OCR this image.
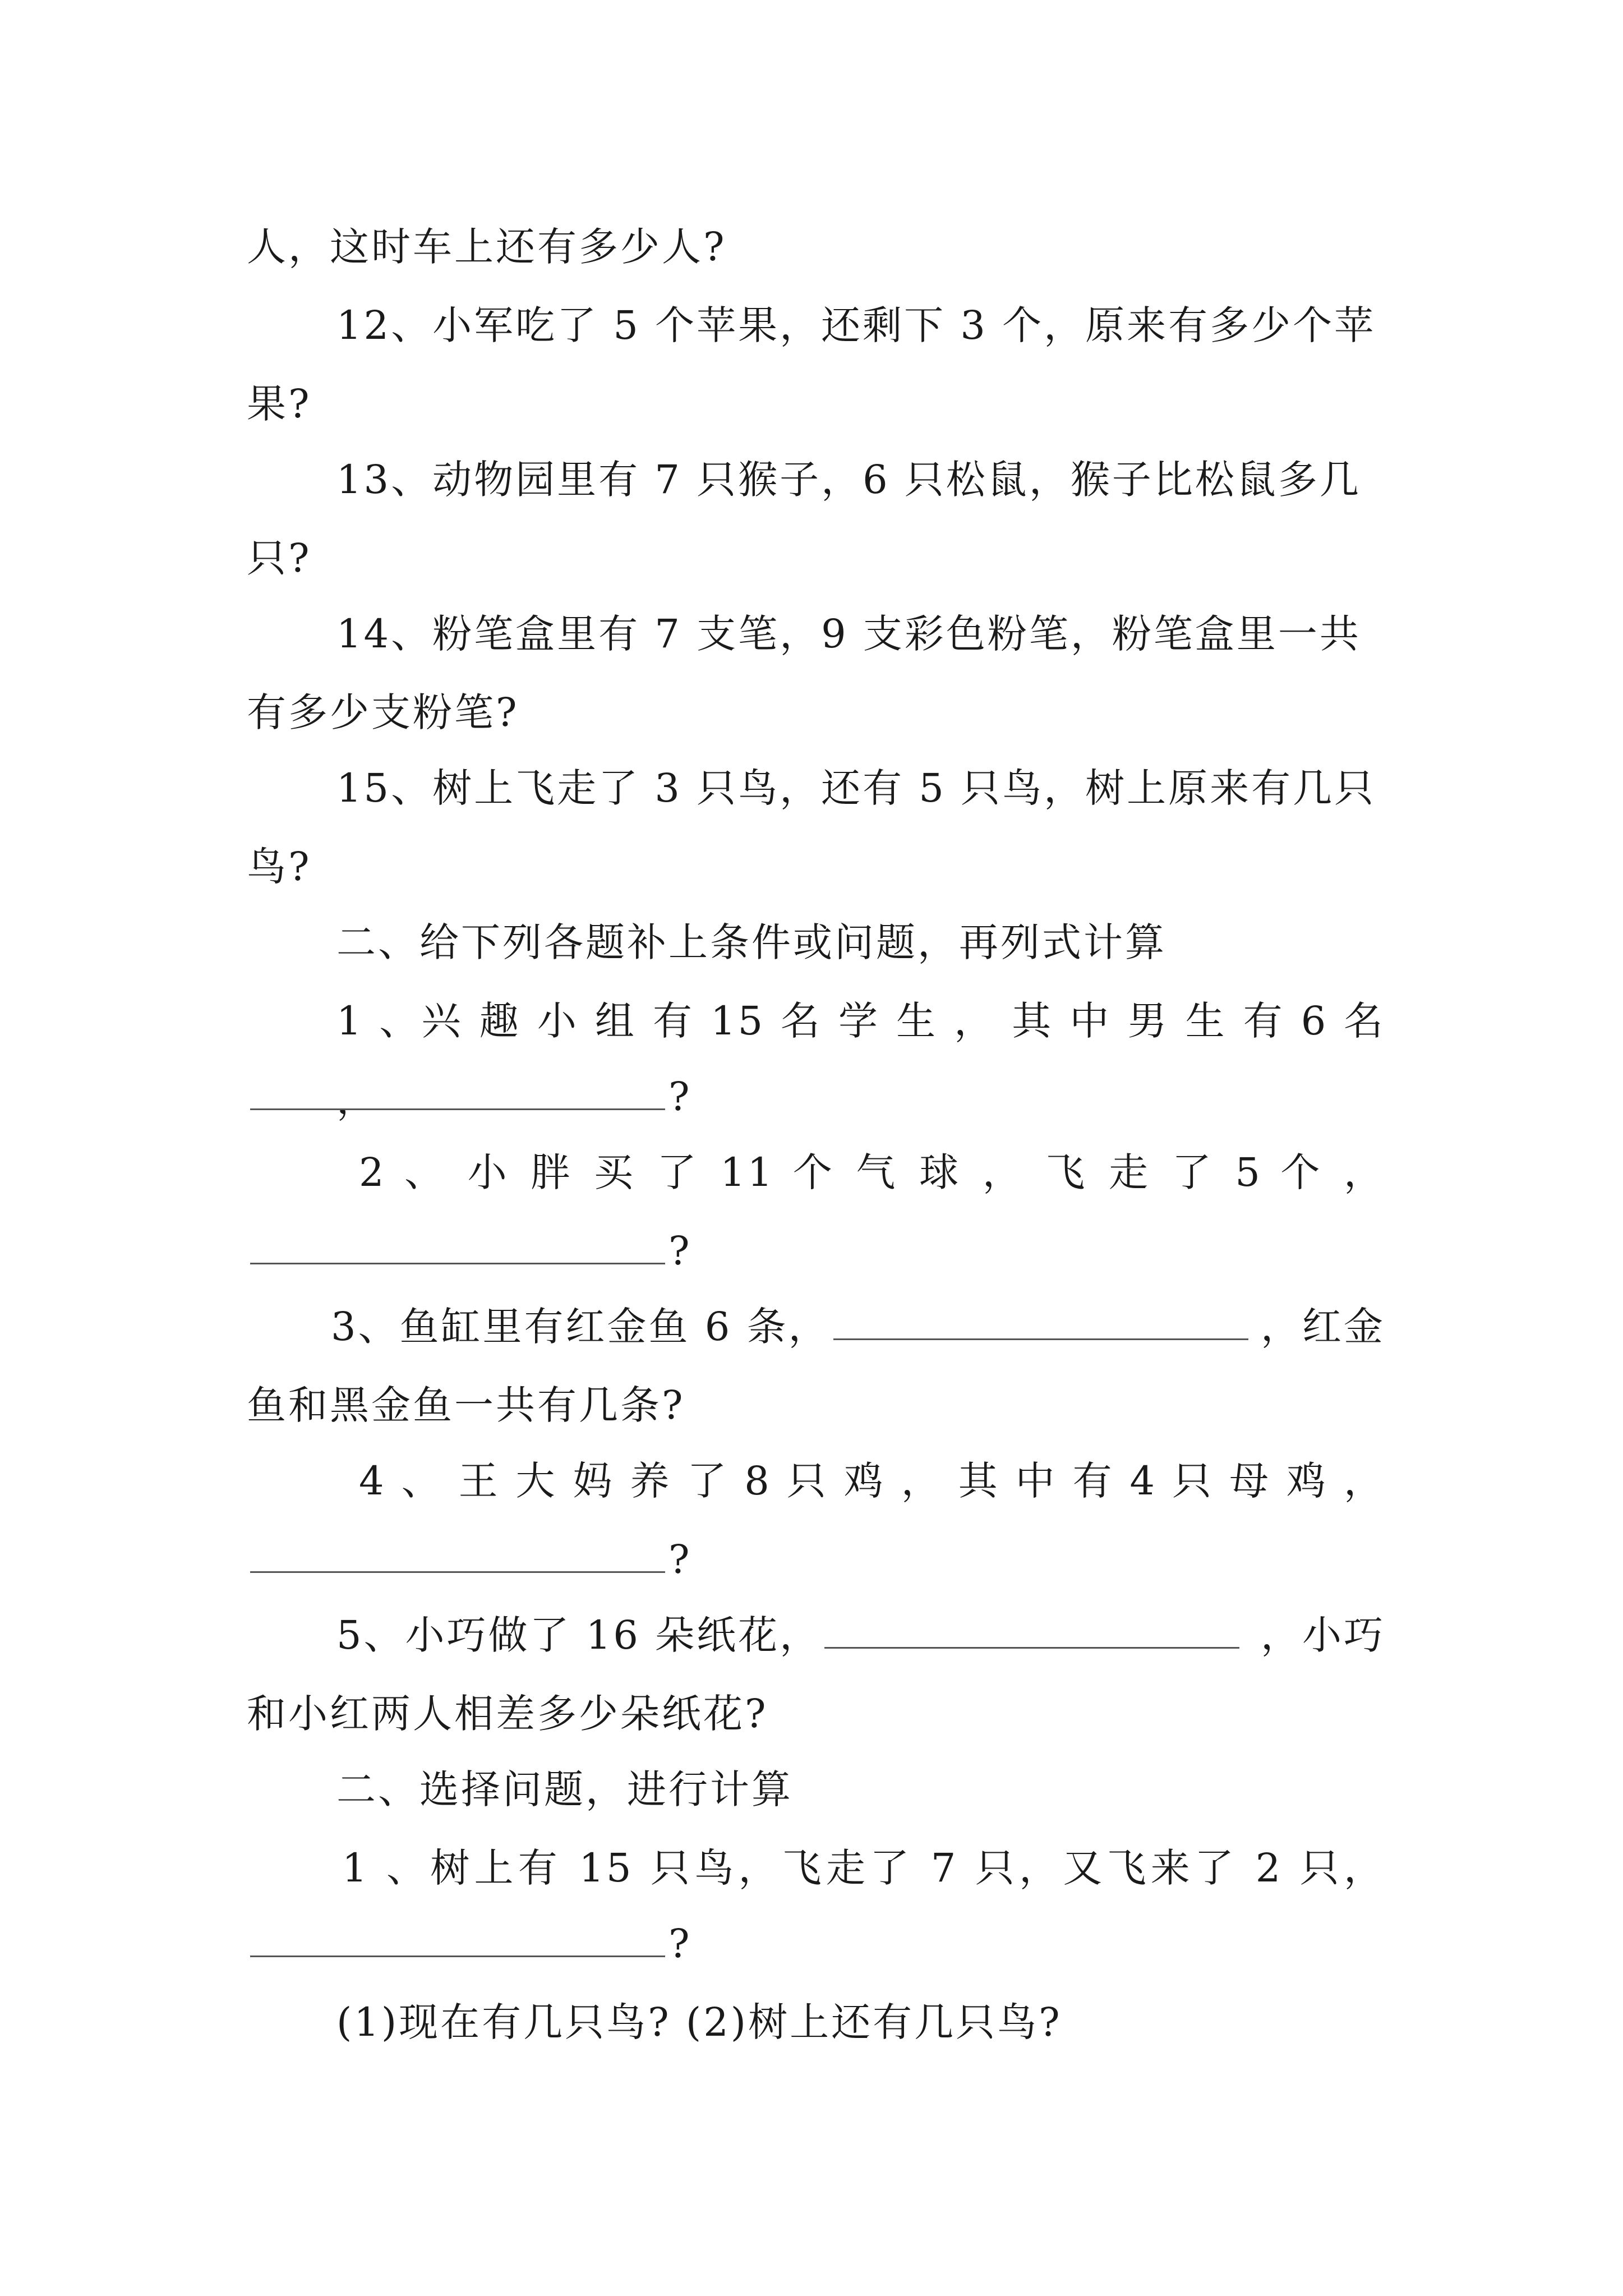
人，这时车上还有多少人?
12、小军吃了 5 个苹果，还剩下 3 个，原来有多少个苹
果?
13、动物园里有 7 只猴子，6 只松鼠，猴子比松鼠多几
只?
14、粉笔盒里有 7 支笔，9 支彩色粉笔，粉笔盒里一共
有多少支粉笔?
15、树上飞走了 3 只鸟，还有 5 只鸟，树上原来有几只
鸟?
二、给下列各题补上条件或问题，再列式计算
1 、兴 趣 小 组 有 15 名 学 生 ， 其 中 男 生 有 6 名 ，	?
2 、 小 胖 买 了 11 个 气 球 ， 飞 走 了 5 个 ，
?
3、鱼缸里有红金鱼 6 条，	，红金
鱼和黑金鱼一共有几条?
4 、 王 大 妈 养 了 8 只 鸡 ， 其 中 有 4 只 母 鸡 ，
?
5、小巧做了 16 朵纸花，	，小巧
和小红两人相差多少朵纸花?
二、选择问题，进行计算
1 、树上有 15 只鸟，飞走了 7 只，又飞来了 2 只，
?
(1)现在有几只鸟? (2)树上还有几只鸟?
